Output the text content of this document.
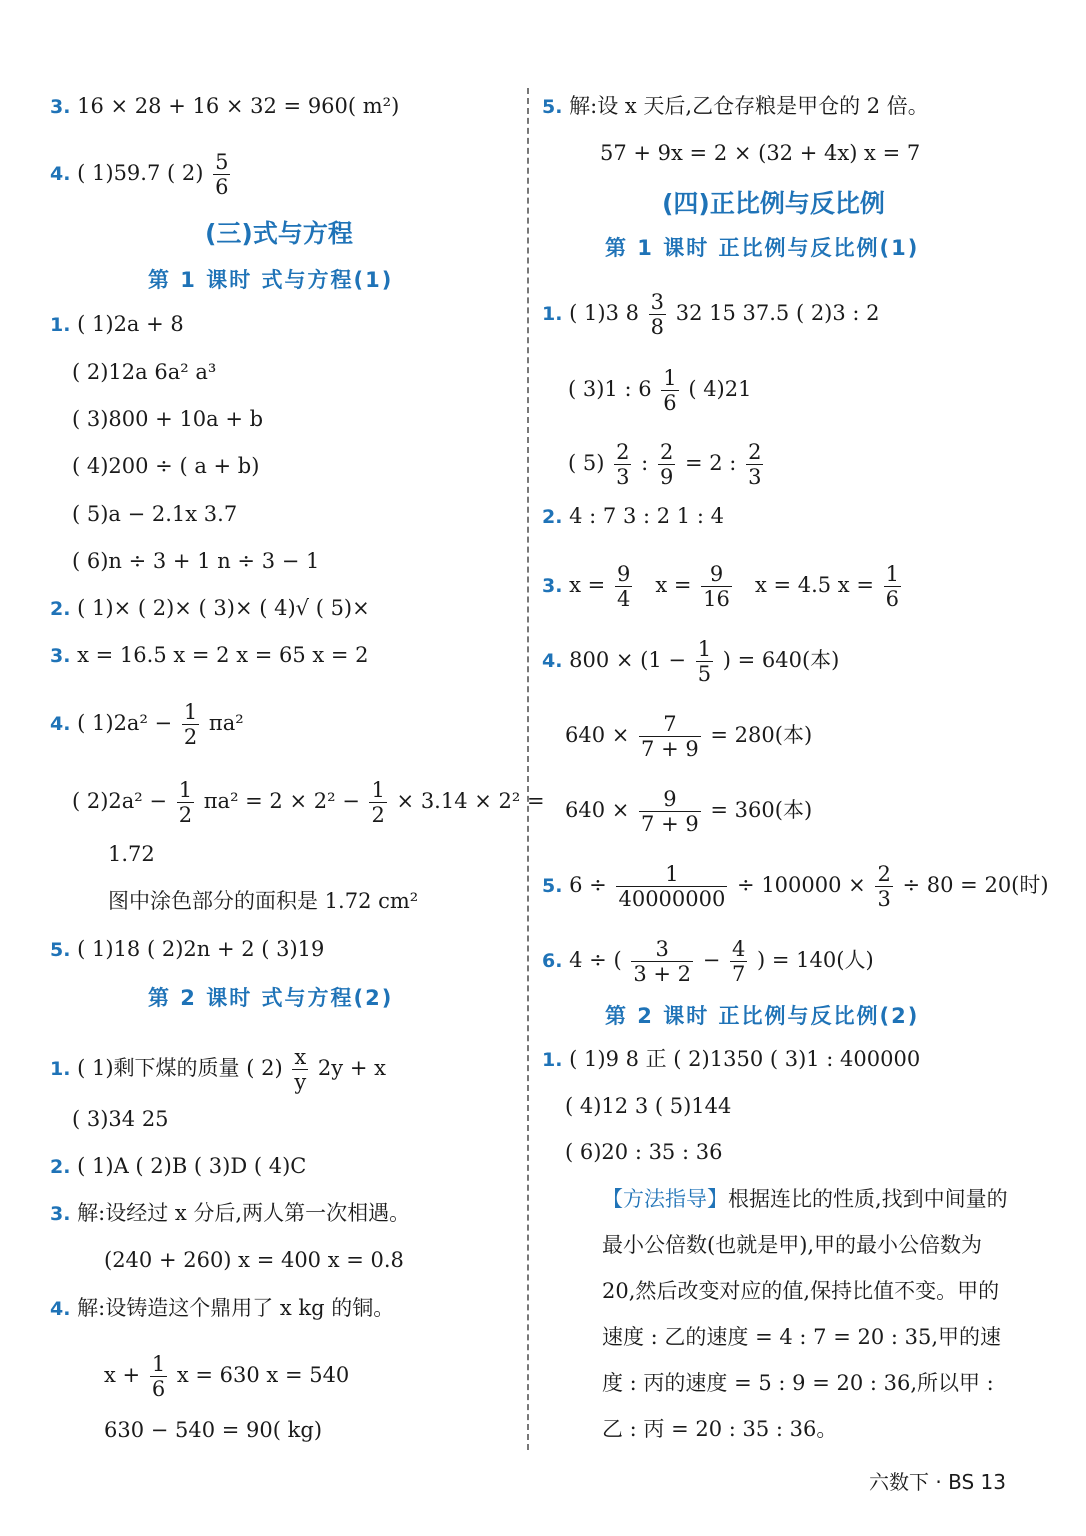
3. 16 × 28 + 16 × 32 = 960( m²)
4. ( 1)59.7 ( $2) \frac{5}{6}$
(三)式与方程
第 1 课时 式与方程(1)
1. ( 1)2a + 8
( 2)12a 6a² a³
( 3)800 + 10a + b
( 4)200 ÷ ( a + b)
( 5)a − 2.1x 3.7
( 6)n ÷ 3 + 1 n ÷ 3 − 1
2. ( 1)× ( 2)× ( 3)× ( 4)√ ( 5)×
3. x = 16.5 x = 2 x = 65 x = 2
4. ( $1)2a^2 - \frac{1}{2} \pi a^2$
( $2)2a^2 - \frac{1}{2} \pi a^2 = 2 \times 2^2 - \frac{1}{2} \times 3.14 \times 2^2$ =
1.72
图中涂色部分的面积是 1.72 cm²
5. ( 1)18 ( 2)2n + 2 ( 3)19
第 2 课时 式与方程(2)
1. ( 1)剩下煤的质量 ( $2) \frac{x}{y} 2y + x$
( 3)34 25
2. ( 1)A ( 2)B ( 3)D ( 4)C
3. 解:设经过 x 分后,两人第一次相遇。
(240 + 260) x = 400 x = 0.8
4. 解:设铸造这个鼎用了 x kg 的铜。
$x + \frac{1}{6}$ x = 630 x = 540
630 − 540 = 90( kg)
5. 解:设 x 天后,乙仓存粮是甲仓的 2 倍。
57 + 9x = 2 × (32 + 4x) x = 7
(四)正比例与反比例
第 1 课时 正比例与反比例(1)
1. ( 1)3 $8 \frac{3}{8} 32$ 15 37.5 ( 2)3 : 2
( 3)1 : $6 \frac{1}{6}$ ( 4)21
( $5) \frac{2}{3}$ : $\frac{2}{9} = 2$ : $\frac{2}{3}$
2. 4 : 7 3 : 2 1 : 4
3. $x = \frac{9}{4}$ $x = \frac{9}{16}$ x = 4.5 $x = \frac{1}{6}$
4. $800 \times (1 - \frac{1}{5}$ ) = 640(本)
$640 \times \frac{7}{7 + 9} = 280$(本)
$640 \times \frac{9}{7 + 9} = 360$(本)
5. $6 \div \frac{1}{40000000} \div 100000 \times \frac{2}{3} \div 80 = 20$(时)
6. 4 ÷ ( $\frac{3}{3 + 2} - \frac{4}{7}$ ) = 140(人)
第 2 课时 正比例与反比例(2)
1. ( 1)9 8 正 ( 2)1350 ( 3)1 : 400000
( 4)12 3 ( 5)144
( 6)20 : 35 : 36
【方法指导】根据连比的性质,找到中间量的最小公倍数(也就是甲),甲的最小公倍数为 20,然后改变对应的值,保持比值不变。甲的速度 : 乙的速度 = 4 : 7 = 20 : 35,甲的速度 : 丙的速度 = 5 : 9 = 20 : 36,所以甲 : 乙 : 丙 = 20 : 35 : 36。
六数下 · BS 13
